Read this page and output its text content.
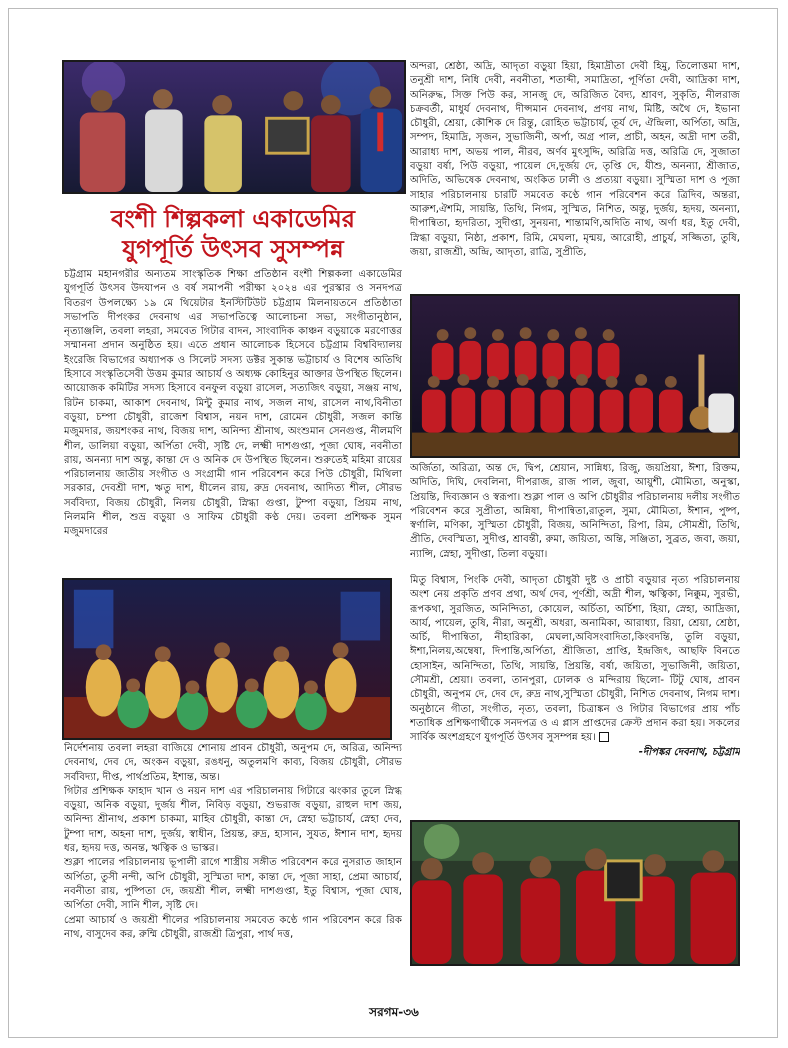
বংশী শিল্পকলা একাডেমির
যুগপূর্তি উৎসব সুসম্পন্ন

চট্টগ্রাম মহানগরীর অন্যতম সাংস্কৃতিক শিক্ষা প্রতিষ্ঠান বংশী শিল্পকলা একাডেমির যুগপূর্তি উৎসব উদযাপন ও বর্ষ সমাপনী পরীক্ষা ২০২৪ এর পুরস্কার ও সনদপত্র বিতরণ উপলক্ষ্যে ১৯ মে থিয়েটার ইনস্টিটিউট চট্টগ্রাম মিলনায়তনে প্রতিষ্ঠাতা সভাপতি দীপংকর দেবনাথ এর সভাপতিত্বে আলোচনা সভা, সংগীতানুষ্ঠান, নৃত্যাঞ্জলি, তবলা লহরা, সমবেত গিটার বাদন, সাংবাদিক কাঞ্চন বড়ুয়াকে মরণোত্তর সম্মাননা প্রদান অনুষ্ঠিত হয়। এতে প্রধান আলোচক হিসেবে চট্টগ্রাম বিশ্ববিদ্যালয় ইংরেজি বিভাগের অধ্যাপক ও সিলেট সদস্য ডক্টর সুকান্ত ভট্টাচার্য ও বিশেষ অতিথি হিসাবে সংস্কৃতিসেবী উত্তম কুমার আচার্য ও অধ্যক্ষ কোহিনুর আক্তার উপস্থিত ছিলেন। আয়োজক কমিটির সদস্য হিসাবে বনফুল বড়ুয়া রাসেল, সত্যজিৎ বড়ুয়া, সঞ্জয় নাথ, রিটন চাকমা, আকাশ দেবনাথ, মিন্টু কুমার নাথ, সজল নাথ, রাসেল নাথ,বিনীতা বড়ুয়া, চম্পা চৌধুরী, রাজেশ বিশ্বাস, নয়ন দাশ, রোমেন চৌধুরী, সজল কান্তি মজুমদার, জয়শংকর নাথ, বিজয় দাশ, অনিন্দ্য শ্রীনাথ, অংশুমান সেনগুপ্ত, নীলমণি শীল, ডালিয়া বড়ুয়া, অর্পিতা দেবী, সৃষ্টি দে, লক্ষ্মী দাশগুপ্তা, পূজা ঘোষ, নবনীতা রায়, অনন্যা দাশ অন্তু, কান্তা দে ও অনিক দে উপস্থিত ছিলেন। শুরুতেই মহিমা রায়ের পরিচালনায় জাতীয় সংগীত ও সংগ্রামী গান পরিবেশন করে পিউ চৌধুরী, মিথিলা সরকার, দেবশ্রী দাশ, ঋতু দাশ, ধীলেন রায়, রুদ্র দেবনাথ, আদিত্য শীল, সৌরভ সর্ববিদ্যা, বিজয় চৌধুরী, নিলয় চৌধুরী, স্নিগ্ধা গুপ্তা, টুম্পা বড়ুয়া, প্রিয়ম নাথ, নিলমনি শীল, শুভ্র বড়ুয়া ও সাফিম চৌধুরী কণ্ঠ দেয়। তবলা প্রশিক্ষক সুমন মজুমদারের

নির্দেশনায় তবলা লহরা বাজিয়ে শোনায় প্রাবন চৌধুরী, অনুপম দে, অরিত্র, অনিন্দ্য দেবনাথ, দেব দে, অংকন বড়ুয়া, রঙধনু, অতুলমণি কাব্য, বিজয় চৌধুরী, সৌরভ সর্ববিদ্যা, দীপ্ত, পার্থপ্রতিম, ইশান্ত, অন্ত।

গিটার প্রশিক্ষক ফাহাদ খান ও নয়ন দাশ এর পরিচালনায় গিটারে ঝংকার তুলে স্নিগ্ধ বড়ুয়া, অনিক বড়ুয়া, দুর্জয় শীল, নিবিড় বড়ুয়া, শুভরাজ বড়ুয়া, রাহুল দাশ জয়, অনিন্দ্য শ্রীনাথ, প্রকাশ চাকমা, মাহিব চৌধুরী, কান্তা দে, স্নেহা ভট্টাচার্য, স্নেহা দেব, টুম্পা দাশ, অহনা দাশ, দুর্জয়, স্বাধীন, প্রিয়ন্ত, রুদ্র, হাসান, সুযত, ঈশান দাশ, হৃদয় ধর, হৃদয় দত্ত, অনন্ত, ঋত্বিক ও ভাস্কর।

শুক্লা পালের পরিচালনায় ভূপালী রাগে শাস্ত্রীয় সঙ্গীত পরিবেশন করে নুসরাত জাহান অর্পিতা, তুসী নন্দী, অপি চৌধুরী, সুস্মিতা দাশ, কান্তা দে, পূজা সাহা, প্রেমা আচার্য, নবনীতা রায়, পুষ্পিতা দে, জয়শ্রী শীল, লক্ষ্মী দাশগুপ্তা, ইতু বিশ্বাস, পূজা ঘোষ, অর্পিতা দেবী, সানি শীল, সৃষ্টি দে।

প্রেমা আচার্য ও জয়শ্রী শীলের পরিচালনায় সমবেত কণ্ঠে গান পরিবেশন করে রিক নাথ, বাসুদেব কর, রুম্মি চৌধুরী, রাজশ্রী ত্রিপুরা, পার্থ দত্ত,

অন্দরা, শ্রেষ্ঠা, অদ্রি, আদৃতা বড়ুয়া হিয়া, হিমাদ্রীতা দেবী হিমু, তিলোত্তমা দাশ, তনুশ্রী দাশ, নিধি দেবী, নবনীতা, শতাব্দী, সমাদ্রিতা, পূর্ণিতা দেবী, আদ্রিকা দাশ, অনিরুদ্ধ, সিক্ত পিউ কর, সানজু দে, অরিজিত বৈদ্য, শ্রাবণ, সুকৃতি, নীলরাজ চক্রবর্তী, মাধুর্য দেবনাথ, দীপ্সমান দেবনাথ, প্রণয় নাথ, মিষ্টি, অথৈ দে, ইভানা চৌধুরী, শ্রেয়া, কৌশিক দে রিন্তু, রোহিত ভট্টাচার্য, তূর্য দে, ঐন্দ্রিলা, অর্পিতা, অদ্রি, সম্পদ, হিমাদ্রি, সৃজন, সুভাজিনী, অর্পা, অগ্র পাল, প্রাচী, অহন, অদ্রী দাশ তরী, আরাধ্য দাশ, অভয় পাল, নীরব, অর্ণব মুৎসুদ্দি, অরিত্রি দত্ত, অরিত্রি দে, সুজাতা বড়ুয়া বর্ষা, পিউ বড়ুয়া, পায়েল দে,দুর্জয় দে, তৃপ্তি দে, যীশু, অনন্যা, শ্রীজাত, অদিতি, অভিষেক দেবনাথ, অংকিত ঢালী ও প্রত্যয়া বড়ুয়া। সুস্মিতা দাশ ও পূজা সাহার পরিচালনায় চারটি সমবেত কণ্ঠে গান পরিবেশন করে ত্রিদিব, অন্তরা, আরুশ,ঐশমি, সায়ন্তি, তিথি, নিগম, সুস্মিত, নিশিত, অন্তু, দুর্জয়, হৃদয়, অনন্যা, দীপান্বিতা, হৃদরিতা, সুদীপ্তা, সুনয়না, শান্তামণি,অদিতি নাথ, অর্ণা ধর, ইতু দেবী, স্নিগ্ধা বড়ুয়া, নিষ্ঠা, প্রকাশ, রিমি, মেঘলা, মৃন্ময়, আরোহী, প্রাচুর্য, সজ্জিতা, তুষি, জয়া, রাজশ্রী, অন্দ্রি, আদৃতা, রাত্রি, সুপ্রীতি,

অর্জিতা, অরিত্রা, অন্ত দে, দ্বিপ, শ্রেয়ান, সান্নিধ্য, রিজু, জয়প্রিয়া, ঈশা, রিক্তম, অদিতি, দিঘি, দেবলিনা, দীপরাজ, রাজ পাল, জুবা, আয়ুশী, মৌমিতা, অনুস্কা, প্রিয়ন্তি, দিব্যজ্ঞান ও স্বরূপা। শুক্লা পাল ও অপি চৌধুরীর পরিচালনায় দলীয় সংগীত পরিবেশন করে সুপ্রীতা, অন্নিষা, দীপান্বিতা,রাতুল, সুমা, মৌমিতা, ঈশান, পুষ্প, স্বর্ণালি, মণিকা, সুস্মিতা চৌধুরী, বিজয়, অনিন্দিতা, রিপা, রিম, সৌমশ্রী, তিথি, প্রীতি, দেবস্মিতা, সুদীপ্ত, শ্রাবন্তী, রুমা, জয়িতা, অন্তি, সঞ্জিতা, সুব্রত, জবা, জয়া, ন্যান্সি, স্নেহা, সুদীপ্তা, তিলা বড়ুয়া।

মিতু বিশ্বাস, পিংকি দেবী, আদৃতা চৌধুরী দুষ্ট ও প্রাচী বড়ুয়ার নৃত্য পরিচালনায় অংশ নেয় প্রকৃতি প্রণব প্রথা, অর্থ দেব, পূর্ণশ্রী, অদ্রী শীল, ঋত্বিকা, নিক্কুম, সুরভী, রূপকথা, সুরজিত, অনিন্দিতা, কোয়েল, অর্চিতা, অর্চিশা, হিয়া, স্নেহা, আদ্রিজা, আর্য, পায়েল, তুষি, নীরা, অনুশ্রী, অধরা, অনামিকা, আরাধ্যা, রিয়া, শ্রেয়া, শ্রেষ্ঠা, অর্চি, দীপান্বিতা, নীহারিকা, মেঘলা,অবিসংবাদিতা,কিংবদন্তি, তুলি বড়ুয়া, ঈশা,নিলয়,অম্বেষা, দিপান্তি,অর্পিতা, শ্রীজিতা, প্রাপ্তি, ইন্দ্রজিৎ, আছফি বিনতে হোসাইন, অনিন্দিতা, তিথি, সায়ন্তি, প্রিয়ন্তি, বর্ষা, জয়িতা, সুভাজিনী, জয়িতা, সৌমশ্রী, শ্রেয়া। তবলা, তানপুরা, ঢোলক ও মন্দিরায় ছিলো- টিটু ঘোষ, প্রাবন চৌধুরী, অনুপম দে, দেব দে, রুদ্র নাথ,সুস্মিতা চৌধুরী, নিশিত দেবনাথ, নিগম দাশ। অনুষ্ঠানে গীতা, সংগীত, নৃত্য, তবলা, চিত্রাঙ্কন ও গিটার বিভাগের প্রায় পাঁচ শতাধিক প্রশিক্ষণার্থীকে সনদপত্র ও এ প্লাস প্রাপ্তদের ক্রেস্ট প্রদান করা হয়। সকলের সার্বিক অংশগ্রহণে যুগপূর্তি উৎসব সুসম্পন্ন হয়।

-দীপঙ্কর দেবনাথ, চট্টগ্রাম
সরগম-৩৬
